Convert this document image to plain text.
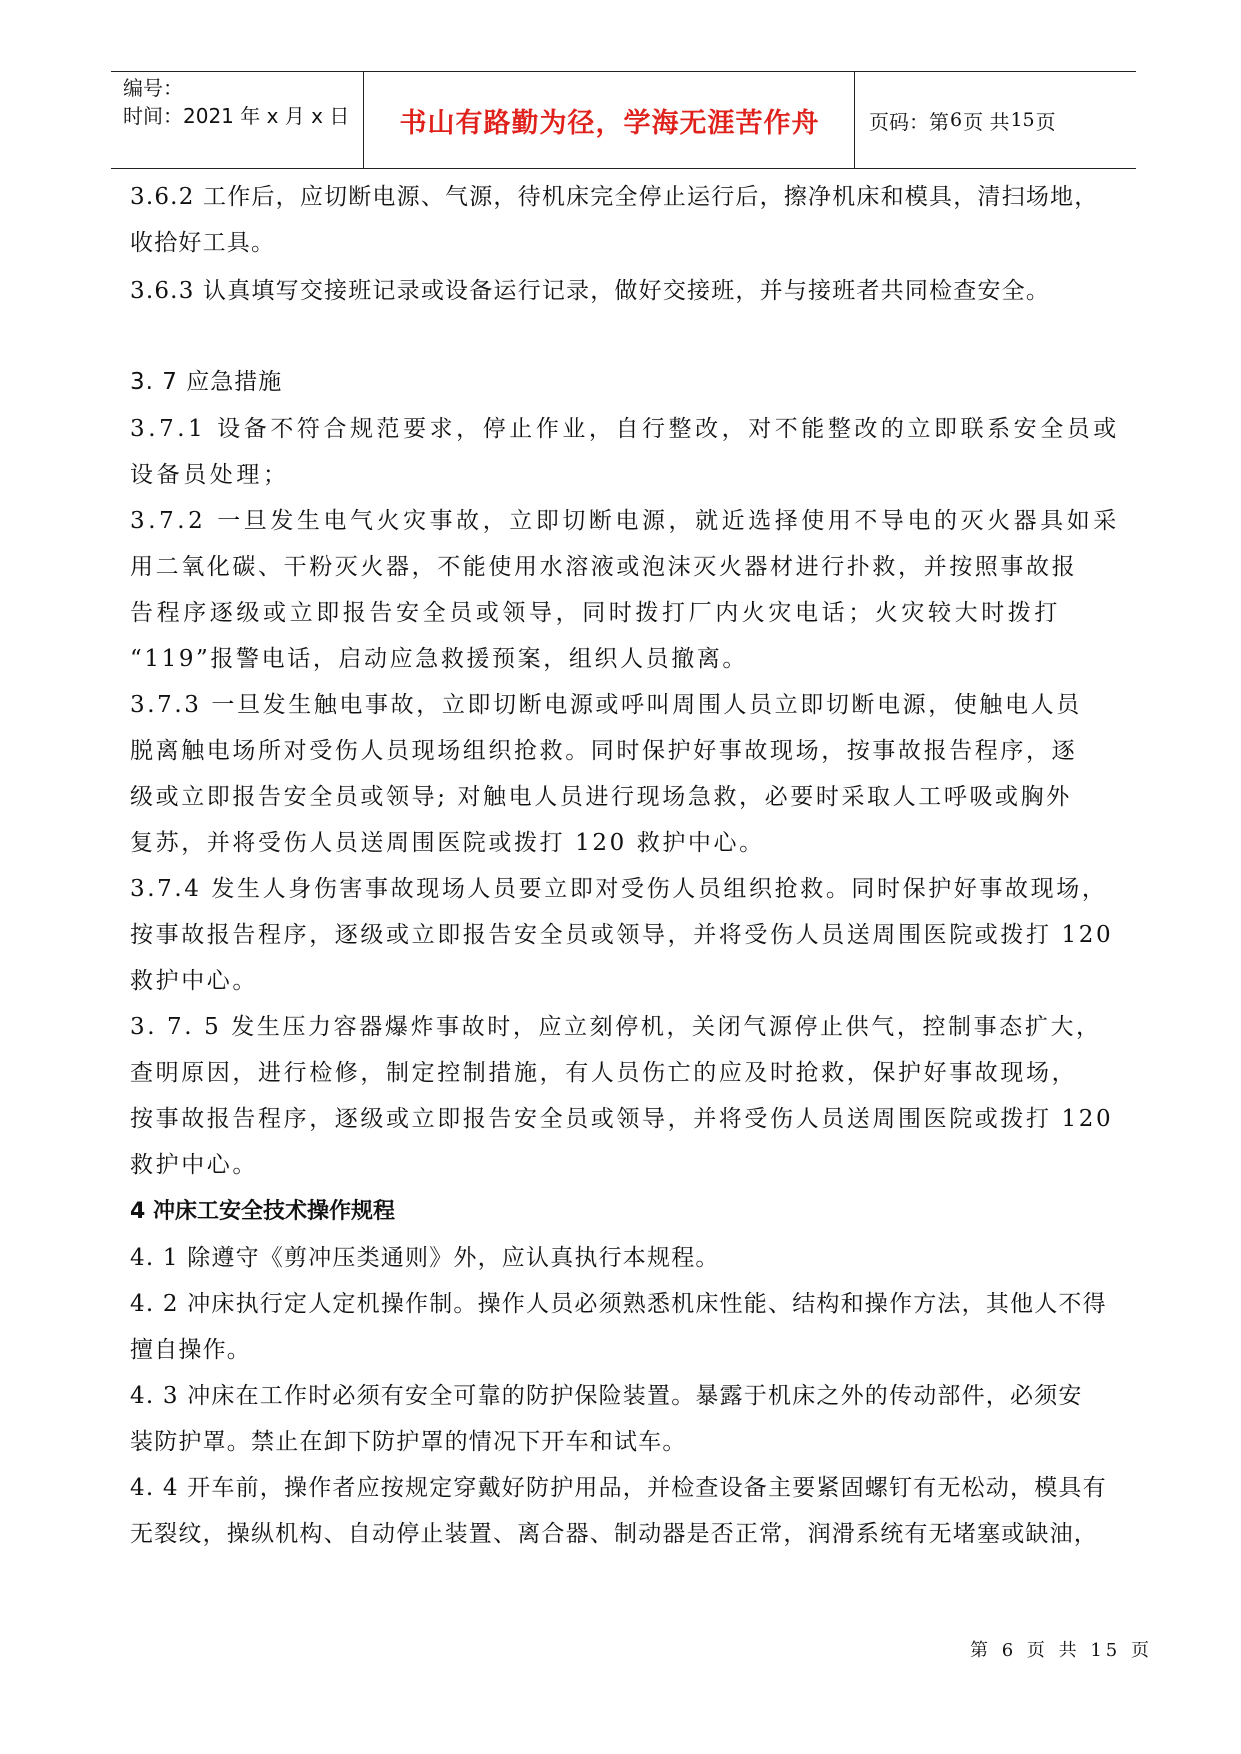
编号：
时间：2021 年 x 月 x 日	书山有路勤为径，学海无涯苦作舟	页码：第 6 页 共 15 页
3.6.2 工作后，应切断电源、气源，待机床完全停止运行后，擦净机床和模具，清扫场地，
收拾好工具。
3.6.3 认真填写交接班记录或设备运行记录，做好交接班，并与接班者共同检查安全。
3. 7 应急措施
3.7.1 设备不符合规范要求，停止作业，自行整改，对不能整改的立即联系安全员或
设备员处理；
3.7.2 一旦发生电气火灾事故，立即切断电源，就近选择使用不导电的灭火器具如采
用二氧化碳、干粉灭火器，不能使用水溶液或泡沫灭火器材进行扑救，并按照事故报
告程序逐级或立即报告安全员或领导，同时拨打厂内火灾电话；火灾较大时拨打
“119”报警电话，启动应急救援预案，组织人员撤离。
3.7.3 一旦发生触电事故，立即切断电源或呼叫周围人员立即切断电源，使触电人员
脱离触电场所对受伤人员现场组织抢救。同时保护好事故现场，按事故报告程序，逐
级或立即报告安全员或领导; 对触电人员进行现场急救，必要时采取人工呼吸或胸外
复苏，并将受伤人员送周围医院或拨打 120 救护中心。
3.7.4 发生人身伤害事故现场人员要立即对受伤人员组织抢救。同时保护好事故现场，
按事故报告程序，逐级或立即报告安全员或领导，并将受伤人员送周围医院或拨打 120
救护中心。
3. 7. 5 发生压力容器爆炸事故时，应立刻停机，关闭气源停止供气，控制事态扩大，
查明原因，进行检修，制定控制措施，有人员伤亡的应及时抢救，保护好事故现场，
按事故报告程序，逐级或立即报告安全员或领导，并将受伤人员送周围医院或拨打 120
救护中心。
4 冲床工安全技术操作规程
4. 1 除遵守《剪冲压类通则》外，应认真执行本规程。
4. 2 冲床执行定人定机操作制。操作人员必须熟悉机床性能、结构和操作方法，其他人不得
擅自操作。
4. 3 冲床在工作时必须有安全可靠的防护保险装置。暴露于机床之外的传动部件，必须安
装防护罩。禁止在卸下防护罩的情况下开车和试车。
4. 4 开车前，操作者应按规定穿戴好防护用品，并检查设备主要紧固螺钉有无松动，模具有
无裂纹，操纵机构、自动停止装置、离合器、制动器是否正常，润滑系统有无堵塞或缺油，
第 6 页 共 15 页
